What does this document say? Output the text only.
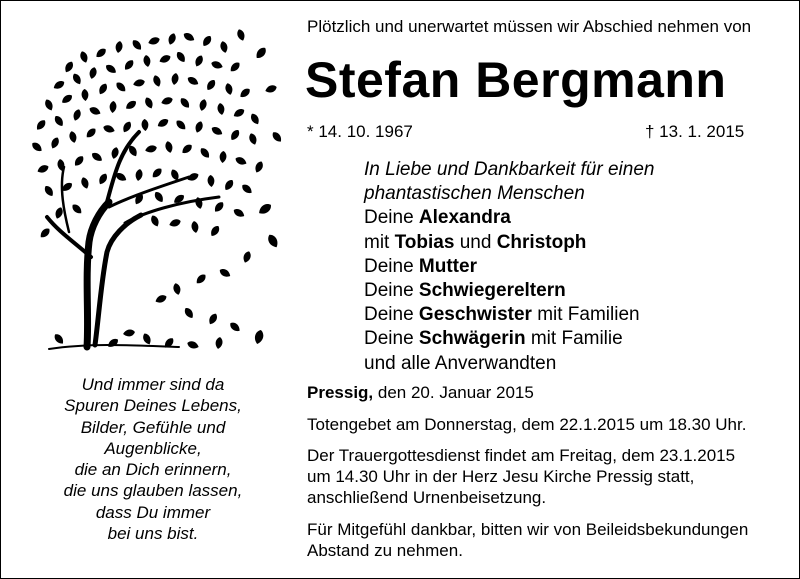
Plötzlich und unerwartet müssen wir Abschied nehmen von
Stefan Bergmann
* 14. 10. 1967	† 13. 1. 2015
In Liebe und Dankbarkeit für einen
phantastischen Menschen
Deine Alexandra
mit Tobias und Christoph
Deine Mutter
Deine Schwiegereltern
Deine Geschwister mit Familien
Deine Schwägerin mit Familie
und alle Anverwandten
Pressig, den 20. Januar 2015
Totengebet am Donnerstag, dem 22.1.2015 um 18.30 Uhr.
Der Trauergottesdienst findet am Freitag, dem 23.1.2015
um 14.30 Uhr in der Herz Jesu Kirche Pressig statt,
anschließend Urnenbeisetzung.
Für Mitgefühl dankbar, bitten wir von Beileidsbekundungen
Abstand zu nehmen.
Und immer sind da
Spuren Deines Lebens,
Bilder, Gefühle und
Augenblicke,
die an Dich erinnern,
die uns glauben lassen,
dass Du immer
bei uns bist.
